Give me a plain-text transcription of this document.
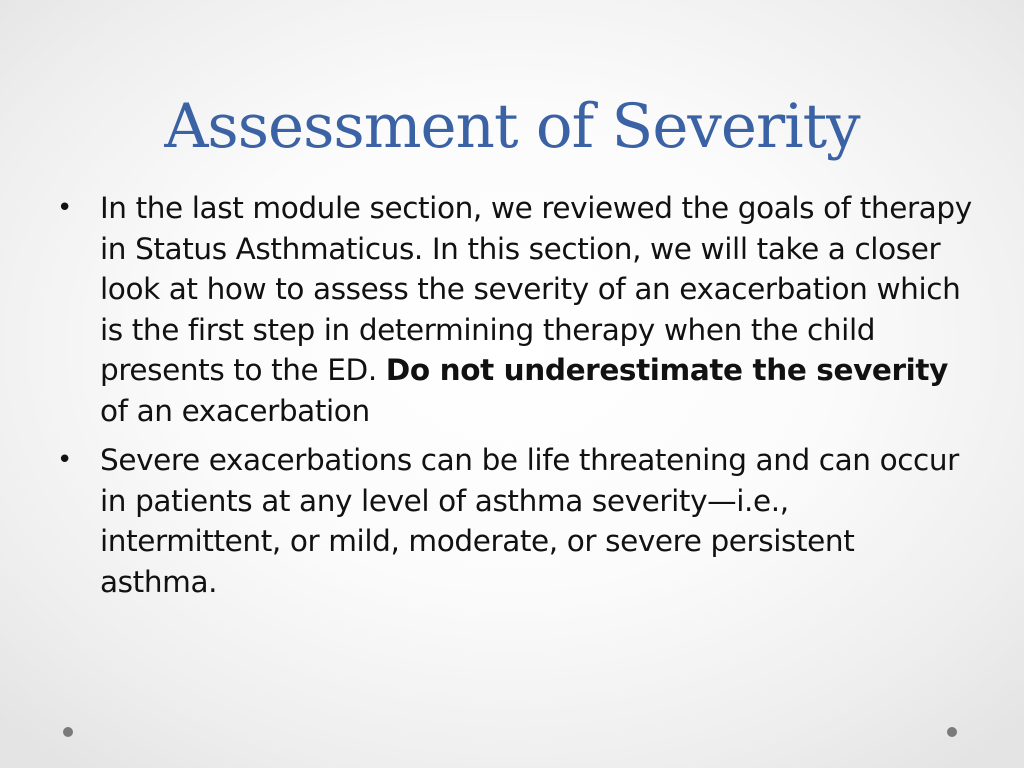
Assessment of Severity
• In the last module section, we reviewed the goals of therapy in Status Asthmaticus. In this section, we will take a closer look at how to assess the severity of an exacerbation which is the first step in determining therapy when the child presents to the ED. Do not underestimate the severity of an exacerbation
• Severe exacerbations can be life threatening and can occur in patients at any level of asthma severity—i.e., intermittent, or mild, moderate, or severe persistent asthma.
